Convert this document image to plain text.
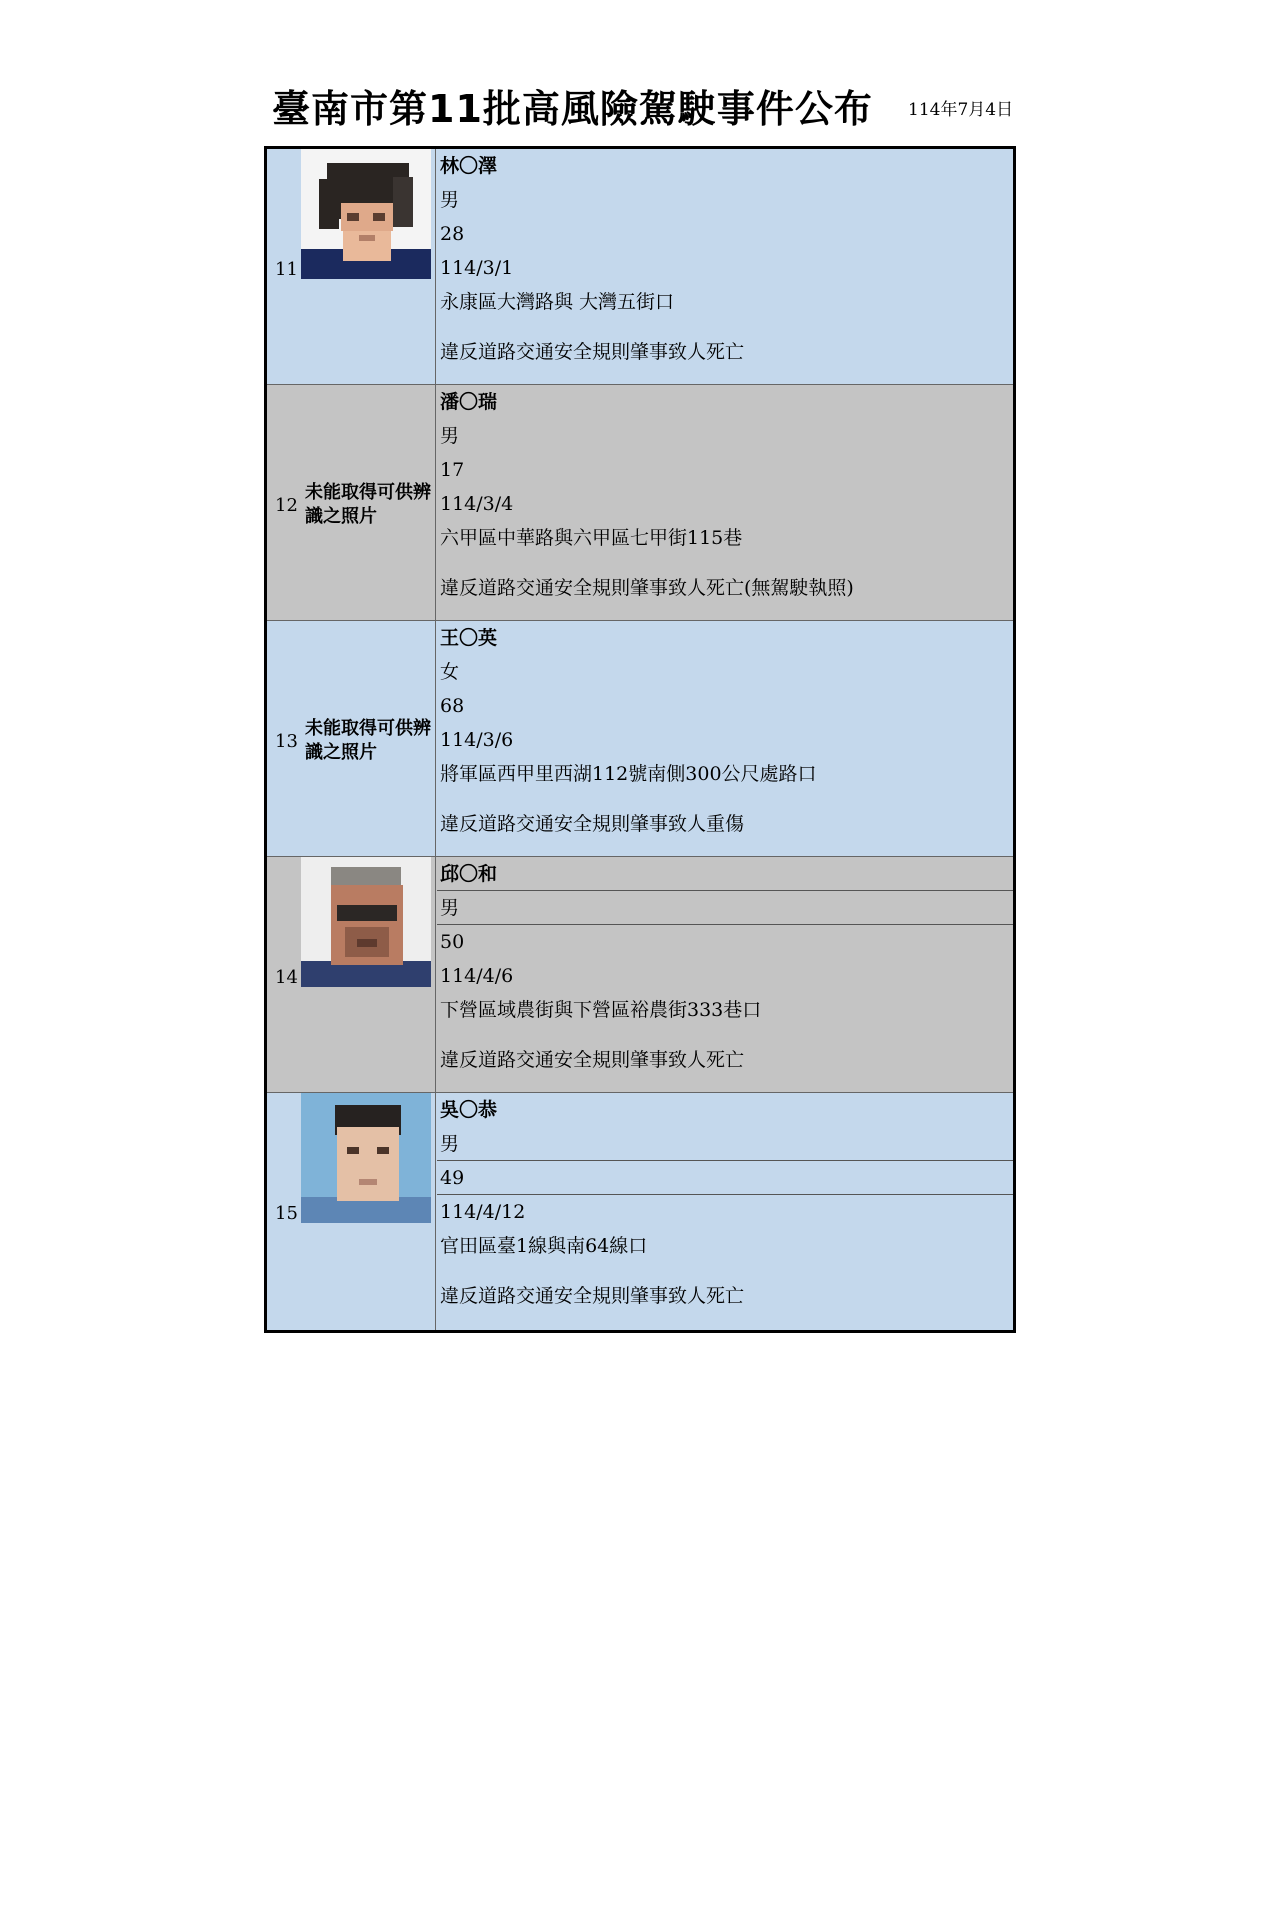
臺南市第11批高風險駕駛事件公布 114年7月4日
11
林〇澤
男
28
114/3/1
永康區大灣路與 大灣五街口
違反道路交通安全規則肇事致人死亡
12
未能取得可供辨識之照片
潘〇瑞
男
17
114/3/4
六甲區中華路與六甲區七甲街115巷
違反道路交通安全規則肇事致人死亡(無駕駛執照)
13
未能取得可供辨識之照片
王〇英
女
68
114/3/6
將軍區西甲里西湖112號南側300公尺處路口
違反道路交通安全規則肇事致人重傷
14
邱〇和
男
50
114/4/6
下營區域農街與下營區裕農街333巷口
違反道路交通安全規則肇事致人死亡
15
吳〇恭
男
49
114/4/12
官田區臺1線與南64線口
違反道路交通安全規則肇事致人死亡
